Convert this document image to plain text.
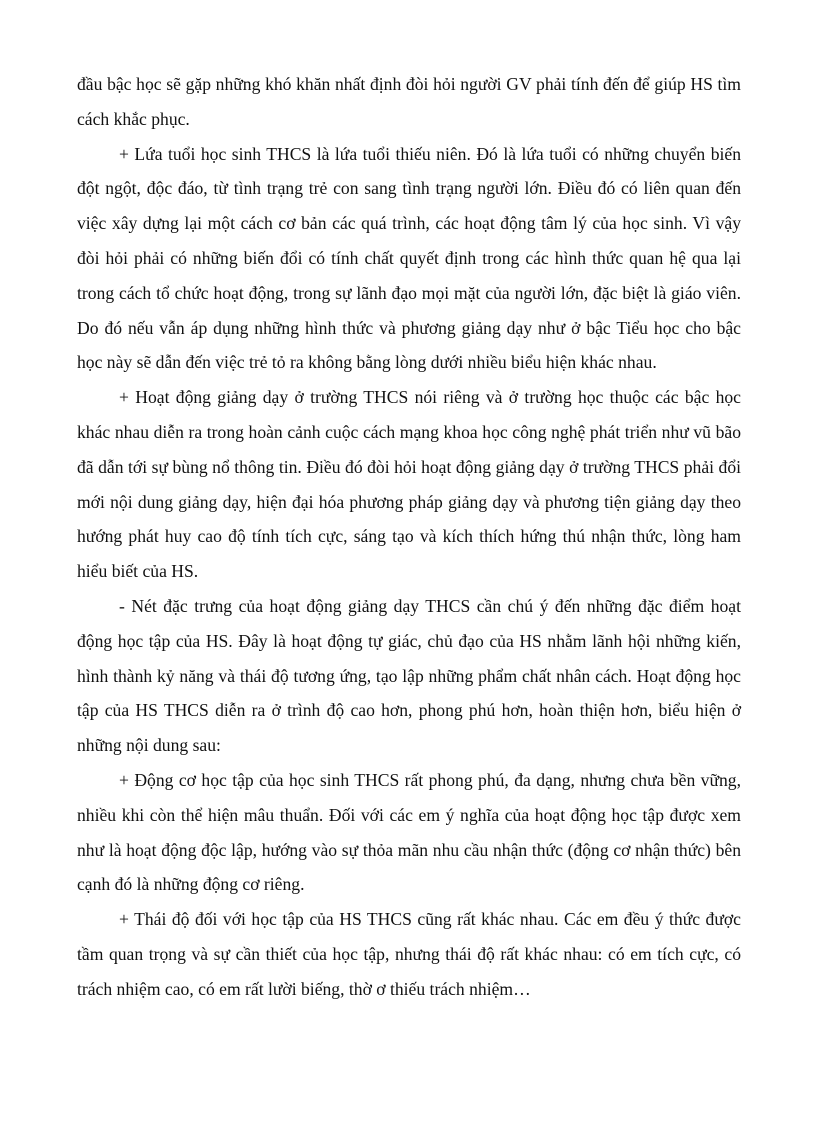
đầu bậc học sẽ gặp những khó khăn nhất định đòi hỏi người GV phải tính đến để giúp HS tìm cách khắc phục.

+ Lứa tuổi học sinh THCS là lứa tuổi thiếu niên. Đó là lứa tuổi có những chuyển biến đột ngột, độc đáo, từ tình trạng trẻ con sang tình trạng người lớn. Điều đó có liên quan đến việc xây dựng lại một cách cơ bản các quá trình, các hoạt động tâm lý của học sinh. Vì vậy đòi hỏi phải có những biến đổi có tính chất quyết định trong các hình thức quan hệ qua lại trong cách tổ chức hoạt động, trong sự lãnh đạo mọi mặt của người lớn, đặc biệt là giáo viên. Do đó nếu vẫn áp dụng những hình thức và phương giảng dạy như ở bậc Tiểu học cho bậc học này sẽ dẫn đến việc trẻ tỏ ra không bằng lòng dưới nhiều biểu hiện khác nhau.

+ Hoạt động giảng dạy ở trường THCS nói riêng và ở trường học thuộc các bậc học khác nhau diễn ra trong hoàn cảnh cuộc cách mạng khoa học công nghệ phát triển như vũ bão đã dẫn tới sự bùng nổ thông tin. Điều đó đòi hỏi hoạt động giảng dạy ở trường THCS phải đổi mới nội dung giảng dạy, hiện đại hóa phương pháp giảng dạy và phương tiện giảng dạy theo hướng phát huy cao độ tính tích cực, sáng tạo và kích thích hứng thú nhận thức, lòng ham hiểu biết của HS.

- Nét đặc trưng của hoạt động giảng dạy THCS cần chú ý đến những đặc điểm hoạt động học tập của HS. Đây là hoạt động tự giác, chủ đạo của HS nhằm lãnh hội những kiến, hình thành kỷ năng và thái độ tương ứng, tạo lập những phẩm chất nhân cách. Hoạt động học tập của HS THCS diễn ra ở trình độ cao hơn, phong phú hơn, hoàn thiện hơn, biểu hiện ở những nội dung sau:

+ Động cơ học tập của học sinh THCS rất phong phú, đa dạng, nhưng chưa bền vững, nhiều khi còn thể hiện mâu thuẩn. Đối với các em ý nghĩa của hoạt động học tập được xem như là hoạt động độc lập, hướng vào sự thỏa mãn nhu cầu nhận thức (động cơ nhận thức) bên cạnh đó là những động cơ riêng.

+ Thái độ đối với học tập của HS THCS cũng rất khác nhau. Các em đều ý thức được tầm quan trọng và sự cần thiết của học tập, nhưng thái độ rất khác nhau: có em tích cực, có trách nhiệm cao, có em rất lười biếng, thờ ơ thiếu trách nhiệm…
